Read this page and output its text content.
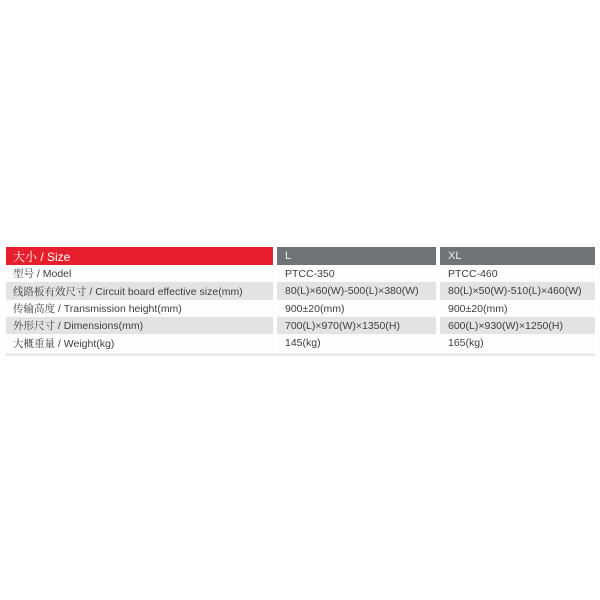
大小 / Size	L	XL
型号 / Model	PTCC-350	PTCC-460
线路板有效尺寸 / Circuit board effective size(mm)	80(L)×60(W)-500(L)×380(W)	80(L)×50(W)-510(L)×460(W)
传输高度 / Transmission height(mm)	900±20(mm)	900±20(mm)
外形尺寸 / Dimensions(mm)	700(L)×970(W)×1350(H)	600(L)×930(W)×1250(H)
大概重量 / Weight(kg)	145(kg)	165(kg)
